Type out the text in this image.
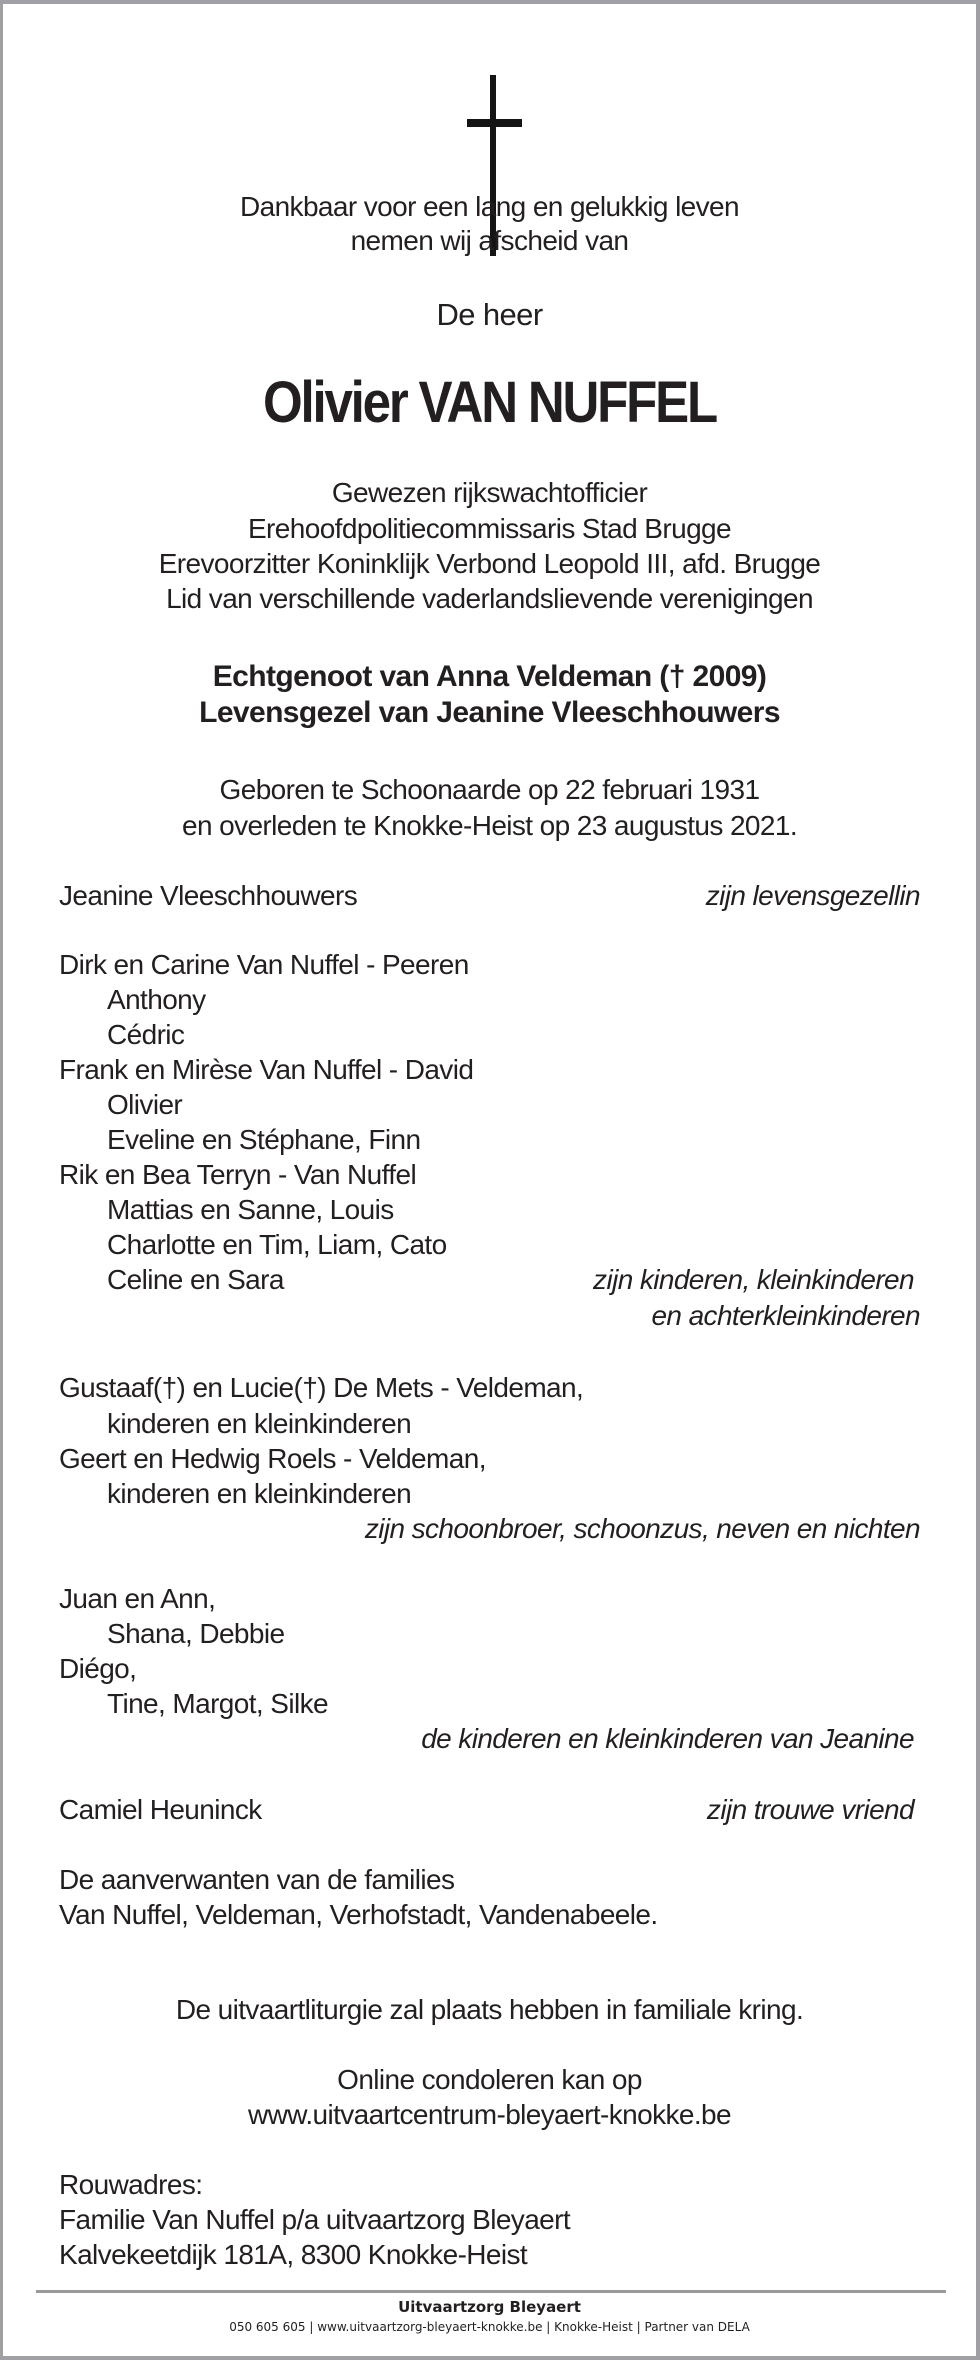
Dankbaar voor een lang en gelukkig leven
nemen wij afscheid van
De heer
Olivier VAN NUFFEL
Gewezen rijkswachtofficier
Erehoofdpolitiecommissaris Stad Brugge
Erevoorzitter Koninklijk Verbond Leopold III, afd. Brugge
Lid van verschillende vaderlandslievende verenigingen
Echtgenoot van Anna Veldeman († 2009)
Levensgezel van Jeanine Vleeschhouwers
Geboren te Schoonaarde op 22 februari 1931
en overleden te Knokke-Heist op 23 augustus 2021.
Jeanine Vleeschhouwers	zijn levensgezellin
Dirk en Carine Van Nuffel - Peeren
Anthony
Cédric
Frank en Mirèse Van Nuffel - David
Olivier
Eveline en Stéphane, Finn
Rik en Bea Terryn - Van Nuffel
Mattias en Sanne, Louis
Charlotte en Tim, Liam, Cato
Celine en Sara	zijn kinderen, kleinkinderen
en achterkleinkinderen
Gustaaf(†) en Lucie(†) De Mets - Veldeman,
kinderen en kleinkinderen
Geert en Hedwig Roels - Veldeman,
kinderen en kleinkinderen
zijn schoonbroer, schoonzus, neven en nichten
Juan en Ann,
Shana, Debbie
Diégo,
Tine, Margot, Silke
de kinderen en kleinkinderen van Jeanine
Camiel Heuninck	zijn trouwe vriend
De aanverwanten van de families
Van Nuffel, Veldeman, Verhofstadt, Vandenabeele.
De uitvaartliturgie zal plaats hebben in familiale kring.
Online condoleren kan op
www.uitvaartcentrum-bleyaert-knokke.be
Rouwadres:
Familie Van Nuffel p/a uitvaartzorg Bleyaert
Kalvekeetdijk 181A, 8300 Knokke-Heist
Uitvaartzorg Bleyaert
050 605 605 | www.uitvaartzorg-bleyaert-knokke.be | Knokke-Heist | Partner van DELA
